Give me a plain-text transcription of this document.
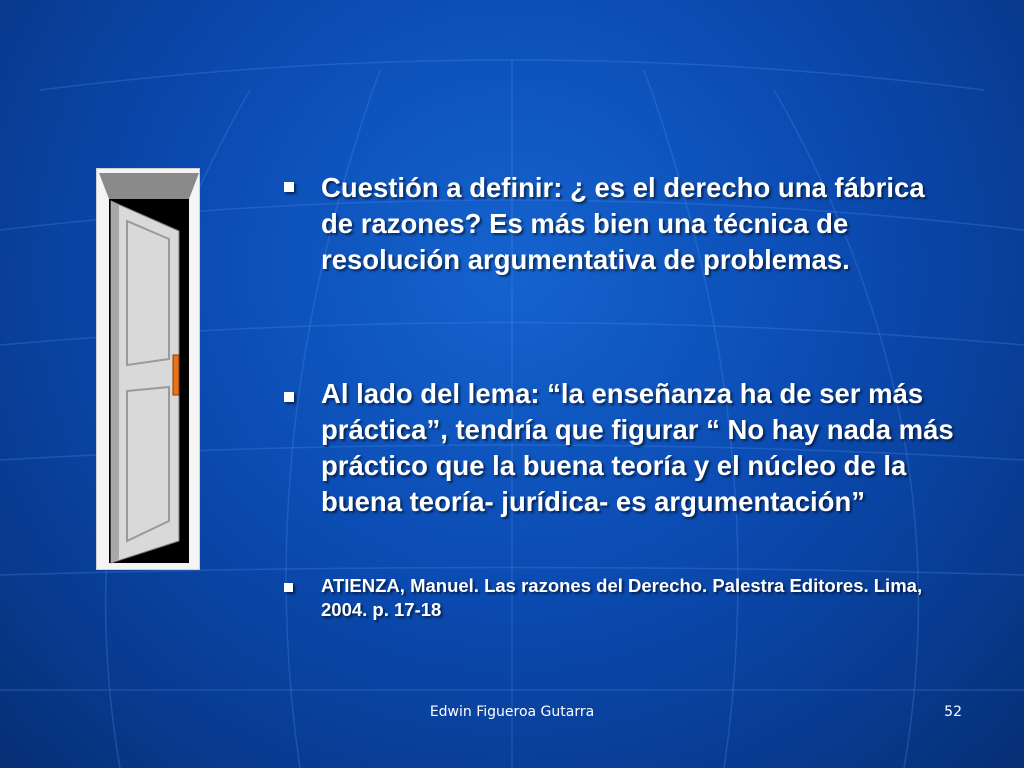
Cuestión a definir: ¿ es el derecho una fábrica
de razones? Es más bien una técnica de
resolución argumentativa de problemas.
Al lado del lema: “la enseñanza ha de ser más
práctica”, tendría que figurar “ No hay nada más
práctico que la buena teoría y el núcleo de la
buena teoría- jurídica- es argumentación”
ATIENZA, Manuel. Las razones del Derecho. Palestra Editores. Lima,
2004. p. 17-18
Edwin Figueroa Gutarra	52
